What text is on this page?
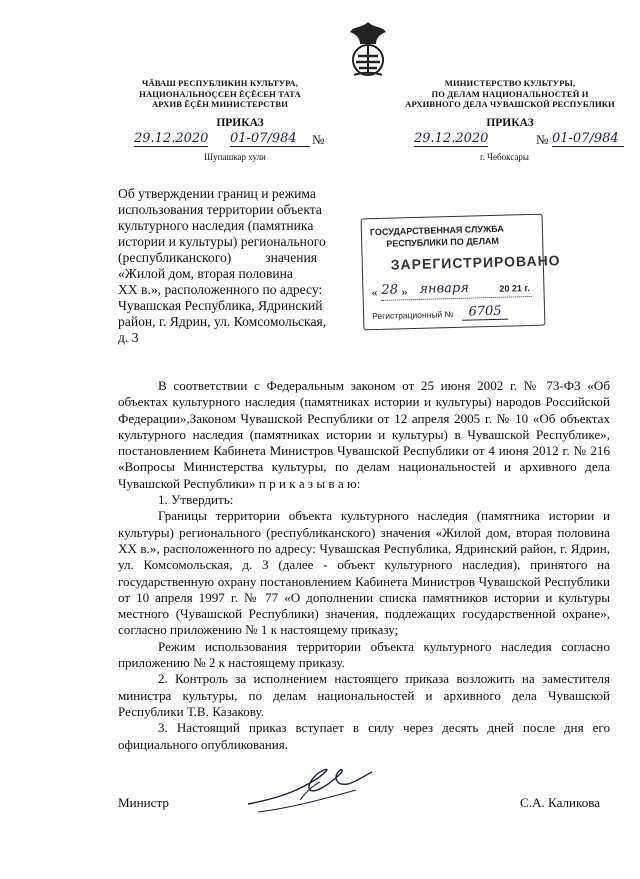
ЧĂВАШ РЕСПУБЛИКИН КУЛЬТУРА,
НАЦИОНАЛЬНОÇСЕН ĔÇĔСЕН ТАТА
АРХИВ ĔÇĔН МИНИСТЕРСТВИ
ПРИКАЗ
29.12.2020 01-07/984	№
Шупашкар хули
МИНИСТЕРСТВО КУЛЬТУРЫ,
ПО ДЕЛАМ НАЦИОНАЛЬНОСТЕЙ И
АРХИВНОГО ДЕЛА ЧУВАШСКОЙ РЕСПУБЛИКИ
ПРИКАЗ
29.12.2020	№ 01-07/984
г. Чебоксары
Об утверждении границ и режима
использования территории объекта
культурного наследия (памятника
истории и культуры) регионального
(республиканского)          значения
«Жилой дом, вторая половина
XX в.», расположенного по адресу:
Чувашская Республика, Ядринский
район, г. Ядрин, ул. Комсомольская,
д. 3
ГОСУДАРСТВЕННАЯ СЛУЖБА
РЕСПУБЛИКИ ПО ДЕЛАМ
ЗАРЕГИСТРИРОВАНО
« 28 » января	20 21 г.
Регистрационный №	6705
В соответствии с Федеральным законом от 25 июня 2002 г. № 73-ФЗ «Об объектах культурного наследия (памятниках истории и культуры) народов Российской Федерации»,Законом Чувашской Республики от 12 апреля 2005 г. № 10 «Об объектах культурного наследия (памятниках истории и культуры) в Чувашской Республике», постановлением Кабинета Министров Чувашской Республики от 4 июня 2012 г. № 216 «Вопросы Министерства культуры, по делам национальностей и архивного дела Чувашской Республики» п р и к а з ы в а ю:
1. Утвердить:
Границы территории объекта культурного наследия (памятника истории и культуры) регионального (республиканского) значения «Жилой дом, вторая половина XX в.», расположенного по адресу: Чувашская Республика, Ядринский район, г. Ядрин, ул. Комсомольская, д. 3 (далее - объект культурного наследия), принятого на государственную охрану постановлением Кабинета Министров Чувашской Республики от 10 апреля 1997 г. № 77 «О дополнении списка памятников истории и культуры местного (Чувашской Республики) значения, подлежащих государственной охране», согласно приложению № 1 к настоящему приказу;
Режим использования территории объекта культурного наследия согласно приложению № 2 к настоящему приказу.
2. Контроль за исполнением настоящего приказа возложить на заместителя министра культуры, по делам национальностей и архивного дела Чувашской Республики Т.В. Казакову.
3. Настоящий приказ вступает в силу через десять дней после дня его официального опубликования.
Министр	С.А. Каликова
